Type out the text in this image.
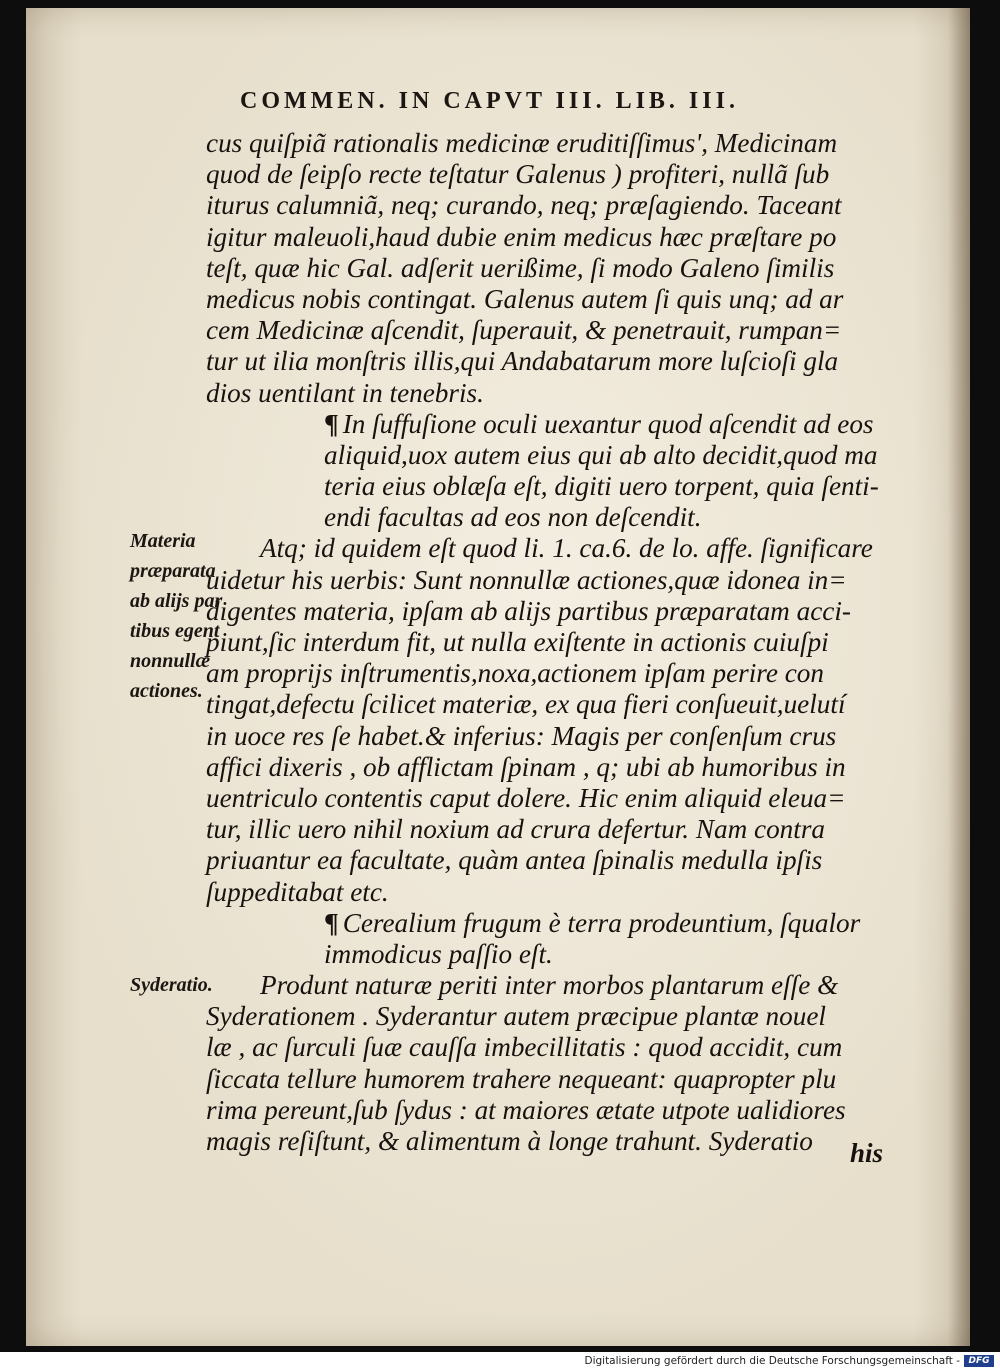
COMMEN. IN CAPVT III. LIB. III.
cus quiſpiã rationalis medicinæ eruditiſſimus', Medicinam
quod de ſeipſo recte teſtatur Galenus ) profiteri, nullã ſub
iturus calumniã, neq; curando, neq; præſagiendo. Taceant
igitur maleuoli,haud dubie enim medicus hæc præſtare po
teſt, quæ hic Gal. adſerit uerißime, ſi modo Galeno ſimilis
medicus nobis contingat. Galenus autem ſi quis unq; ad ar
cem Medicinæ aſcendit, ſuperauit, & penetrauit, rumpan=
tur ut ilia monſtris illis,qui Andabatarum more luſcioſi gla
dios uentilant in tenebris.
¶ In ſuffuſione oculi uexantur quod aſcendit ad eos
aliquid,uox autem eius qui ab alto decidit,quod ma
teria eius oblæſa eſt, digiti uero torpent, quia ſenti-
endi facultas ad eos non deſcendit.
Atq; id quidem eſt quod li. 1. ca.6. de lo. affe. ſignificare
uidetur his uerbis: Sunt nonnullæ actiones,quæ idonea in=
digentes materia, ipſam ab alijs partibus præparatam acci-
piunt,ſic interdum fit, ut nulla exiſtente in actionis cuiuſpi
am proprijs inſtrumentis,noxa,actionem ipſam perire con
tingat,defectu ſcilicet materiæ, ex qua fieri conſueuit,uelutí
in uoce res ſe habet.& inferius: Magis per conſenſum crus
affici dixeris , ob afflictam ſpinam , q; ubi ab humoribus in
uentriculo contentis caput dolere. Hic enim aliquid eleua=
tur, illic uero nihil noxium ad crura defertur. Nam contra
priuantur ea facultate, quàm antea ſpinalis medulla ipſis
ſuppeditabat etc.
¶ Cerealium frugum è terra prodeuntium, ſqualor
immodicus paſſio eſt.
Produnt naturæ periti inter morbos plantarum eſſe &
Syderationem . Syderantur autem præcipue plantæ nouel
læ , ac ſurculi ſuæ cauſſa imbecillitatis : quod accidit, cum
ſiccata tellure humorem trahere nequeant: quapropter plu
rima pereunt,ſub ſydus : at maiores ætate utpote ualidiores
magis reſiſtunt, & alimentum à longe trahunt. Syderatio
Materia
præparata
ab alijs par
tibus egent
nonnullæ
actiones.
Syderatio.
his
Digitalisierung gefördert durch die Deutsche Forschungsgemeinschaft - DFG
